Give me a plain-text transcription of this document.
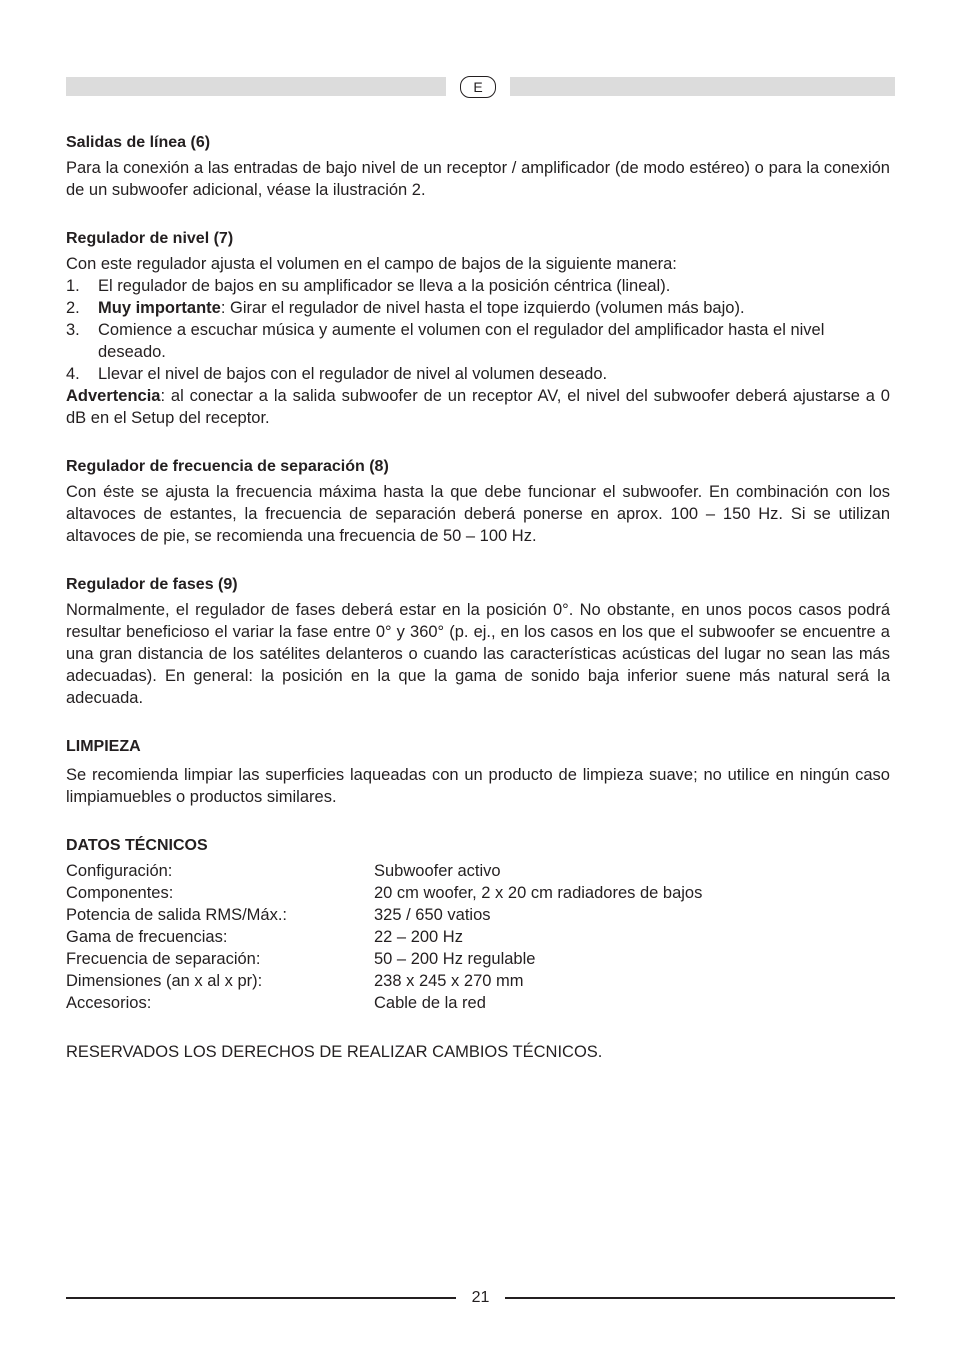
E
Salidas de línea (6)

Para la conexión a las entradas de bajo nivel de un receptor / amplificador (de modo estéreo) o para la conexión de un subwoofer adicional, véase la ilustración 2.

Regulador de nivel (7)

Con este regulador ajusta el volumen en el campo de bajos de la siguiente manera:

1. El regulador de bajos en su amplificador se lleva a la posición céntrica (lineal).
2. Muy importante: Girar el regulador de nivel hasta el tope izquierdo (volumen más bajo).
3. Comience a escuchar música y aumente el volumen con el regulador del amplificador hasta el nivel deseado.
4. Llevar el nivel de bajos con el regulador de nivel al volumen deseado.

Advertencia: al conectar a la salida subwoofer de un receptor AV, el nivel del subwoofer deberá ajustarse a 0 dB en el Setup del receptor.

Regulador de frecuencia de separación (8)

Con éste se ajusta la frecuencia máxima hasta la que debe funcionar el subwoofer. En combinación con los altavoces de estantes, la frecuencia de separación deberá ponerse en aprox. 100 – 150 Hz. Si se utilizan altavoces de pie, se recomienda una frecuencia de 50 – 100 Hz.

Regulador de fases (9)

Normalmente, el regulador de fases deberá estar en la posición 0°. No obstante, en unos pocos casos podrá resultar beneficioso el variar la fase entre 0° y 360° (p. ej., en los casos en los que el subwoofer se encuentre a una gran distancia de los satélites delanteros o cuando las características acústicas del lugar no sean las más adecuadas). En general: la posición en la que la gama de sonido baja inferior suene más natural será la adecuada.

LIMPIEZA

Se recomienda limpiar las superficies laqueadas con un producto de limpieza suave; no utilice en ningún caso limpiamuebles o productos similares.

DATOS TÉCNICOS
Configuración:	Subwoofer activo
Componentes:	20 cm woofer, 2 x 20 cm radiadores de bajos
Potencia de salida RMS/Máx.:	325 / 650 vatios
Gama de frecuencias:	22 – 200 Hz
Frecuencia de separación:	50 – 200 Hz regulable
Dimensiones (an x al x pr):	238 x 245 x 270 mm
Accesorios:	Cable de la red

RESERVADOS LOS DERECHOS DE REALIZAR CAMBIOS TÉCNICOS.

21
